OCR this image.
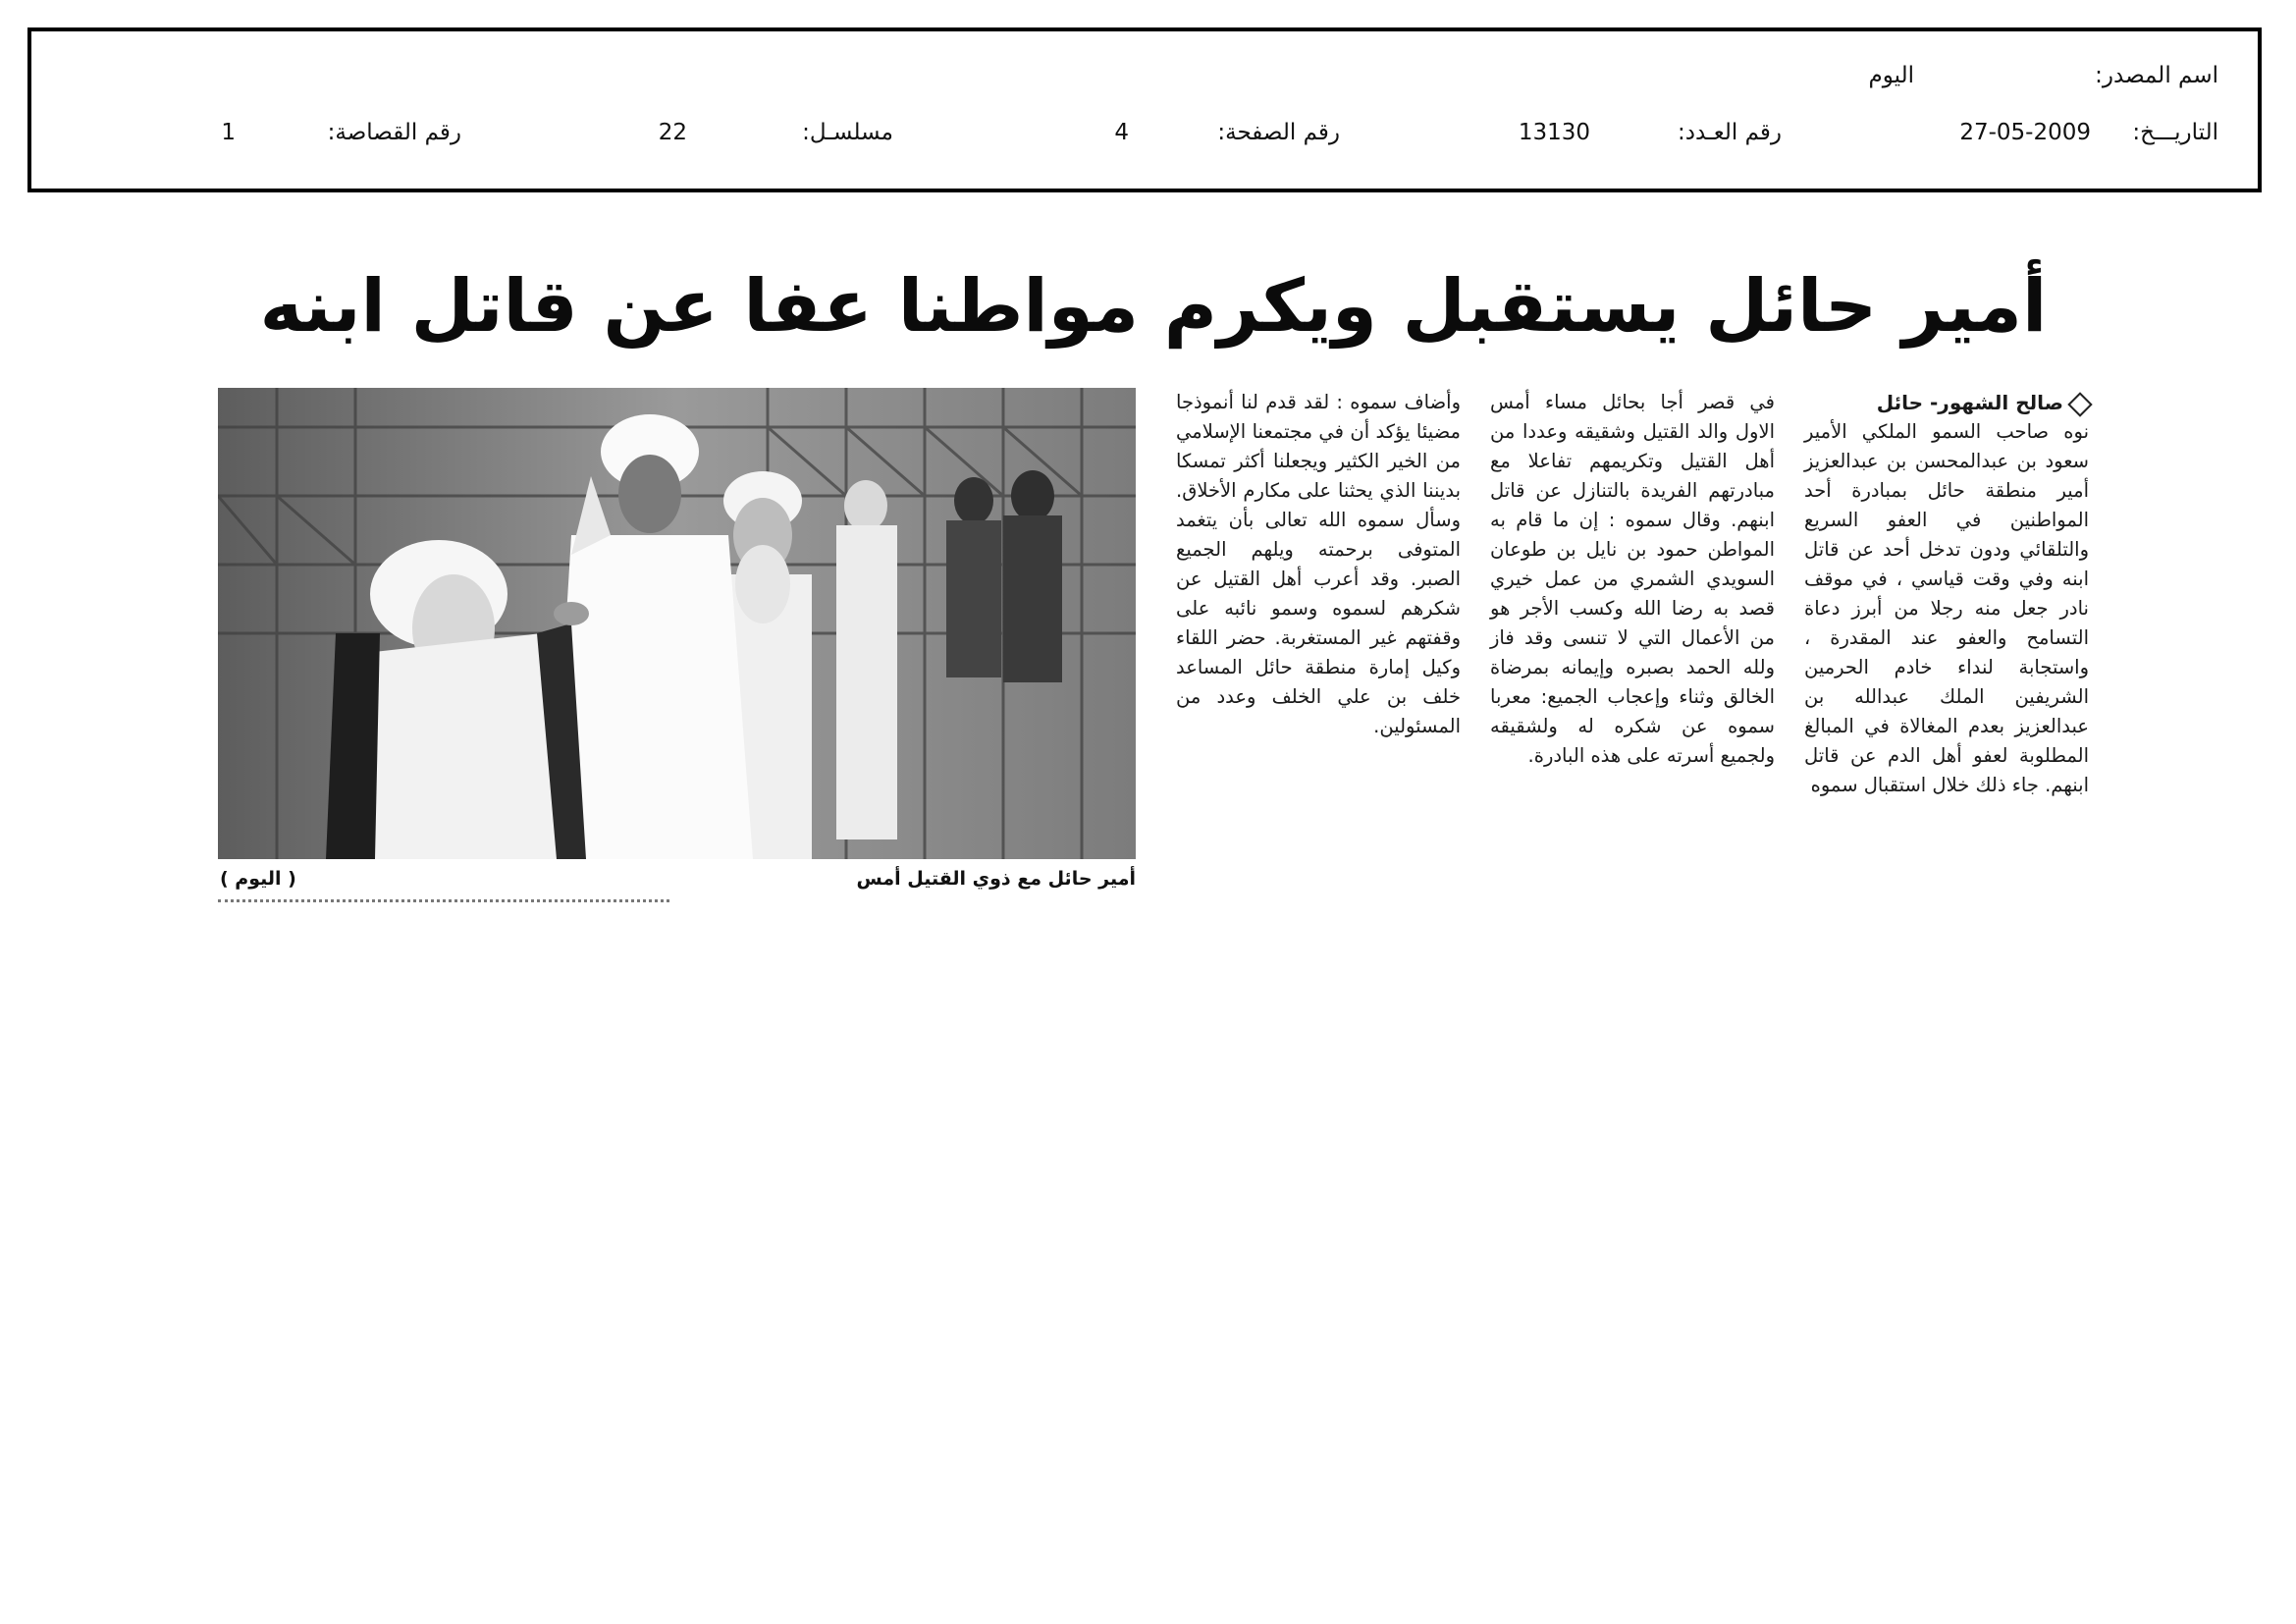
اسم المصدر:
اليوم
التاريـــخ:
27-05-2009
رقم العـدد:
13130
رقم الصفحة:
4
مسلسـل:
22
رقم القصاصة:
1
أمير حائل يستقبل ويكرم مواطنا عفا عن قاتل ابنه
صالح الشهور- حائل

نوه صاحب السمو الملكي الأمير سعود بن عبدالمحسن بن عبدالعزيز أمير منطقة حائل بمبادرة أحد المواطنين في العفو السريع والتلقائي ودون تدخل أحد عن قاتل ابنه وفي وقت قياسي ، في موقف نادر جعل منه رجلا من أبرز دعاة التسامح والعفو عند المقدرة ، واستجابة لنداء خادم الحرمين الشريفين الملك عبدالله بن عبدالعزيز بعدم المغالاة في المبالغ المطلوبة لعفو أهل الدم عن قاتل ابنهم. جاء ذلك خلال استقبال سموه

في قصر أجا بحائل مساء أمس الاول والد القتيل وشقيقه وعددا من أهل القتيل وتكريمهم تفاعلا مع مبادرتهم الفريدة بالتنازل عن قاتل ابنهم. وقال سموه : إن ما قام به المواطن حمود بن نايل بن طوعان السويدي الشمري من عمل خيري قصد به رضا الله وكسب الأجر هو من الأعمال التي لا تنسى وقد فاز ولله الحمد بصبره وإيمانه بمرضاة الخالق وثناء وإعجاب الجميع: معربا سموه عن شكره له ولشقيقه ولجميع أسرته على هذه البادرة.

وأضاف سموه : لقد قدم لنا أنموذجا مضيئا يؤكد أن في مجتمعنا الإسلامي من الخير الكثير ويجعلنا أكثر تمسكا بديننا الذي يحثنا على مكارم الأخلاق. وسأل سموه الله تعالى بأن يتغمد المتوفى برحمته ويلهم الجميع الصبر. وقد أعرب أهل القتيل عن شكرهم لسموه وسمو نائبه على وقفتهم غير المستغربة. حضر اللقاء وكيل إمارة منطقة حائل المساعد خلف بن علي الخلف وعدد من المسئولين.

أمير حائل مع ذوي القتيل أمس
( اليوم )
